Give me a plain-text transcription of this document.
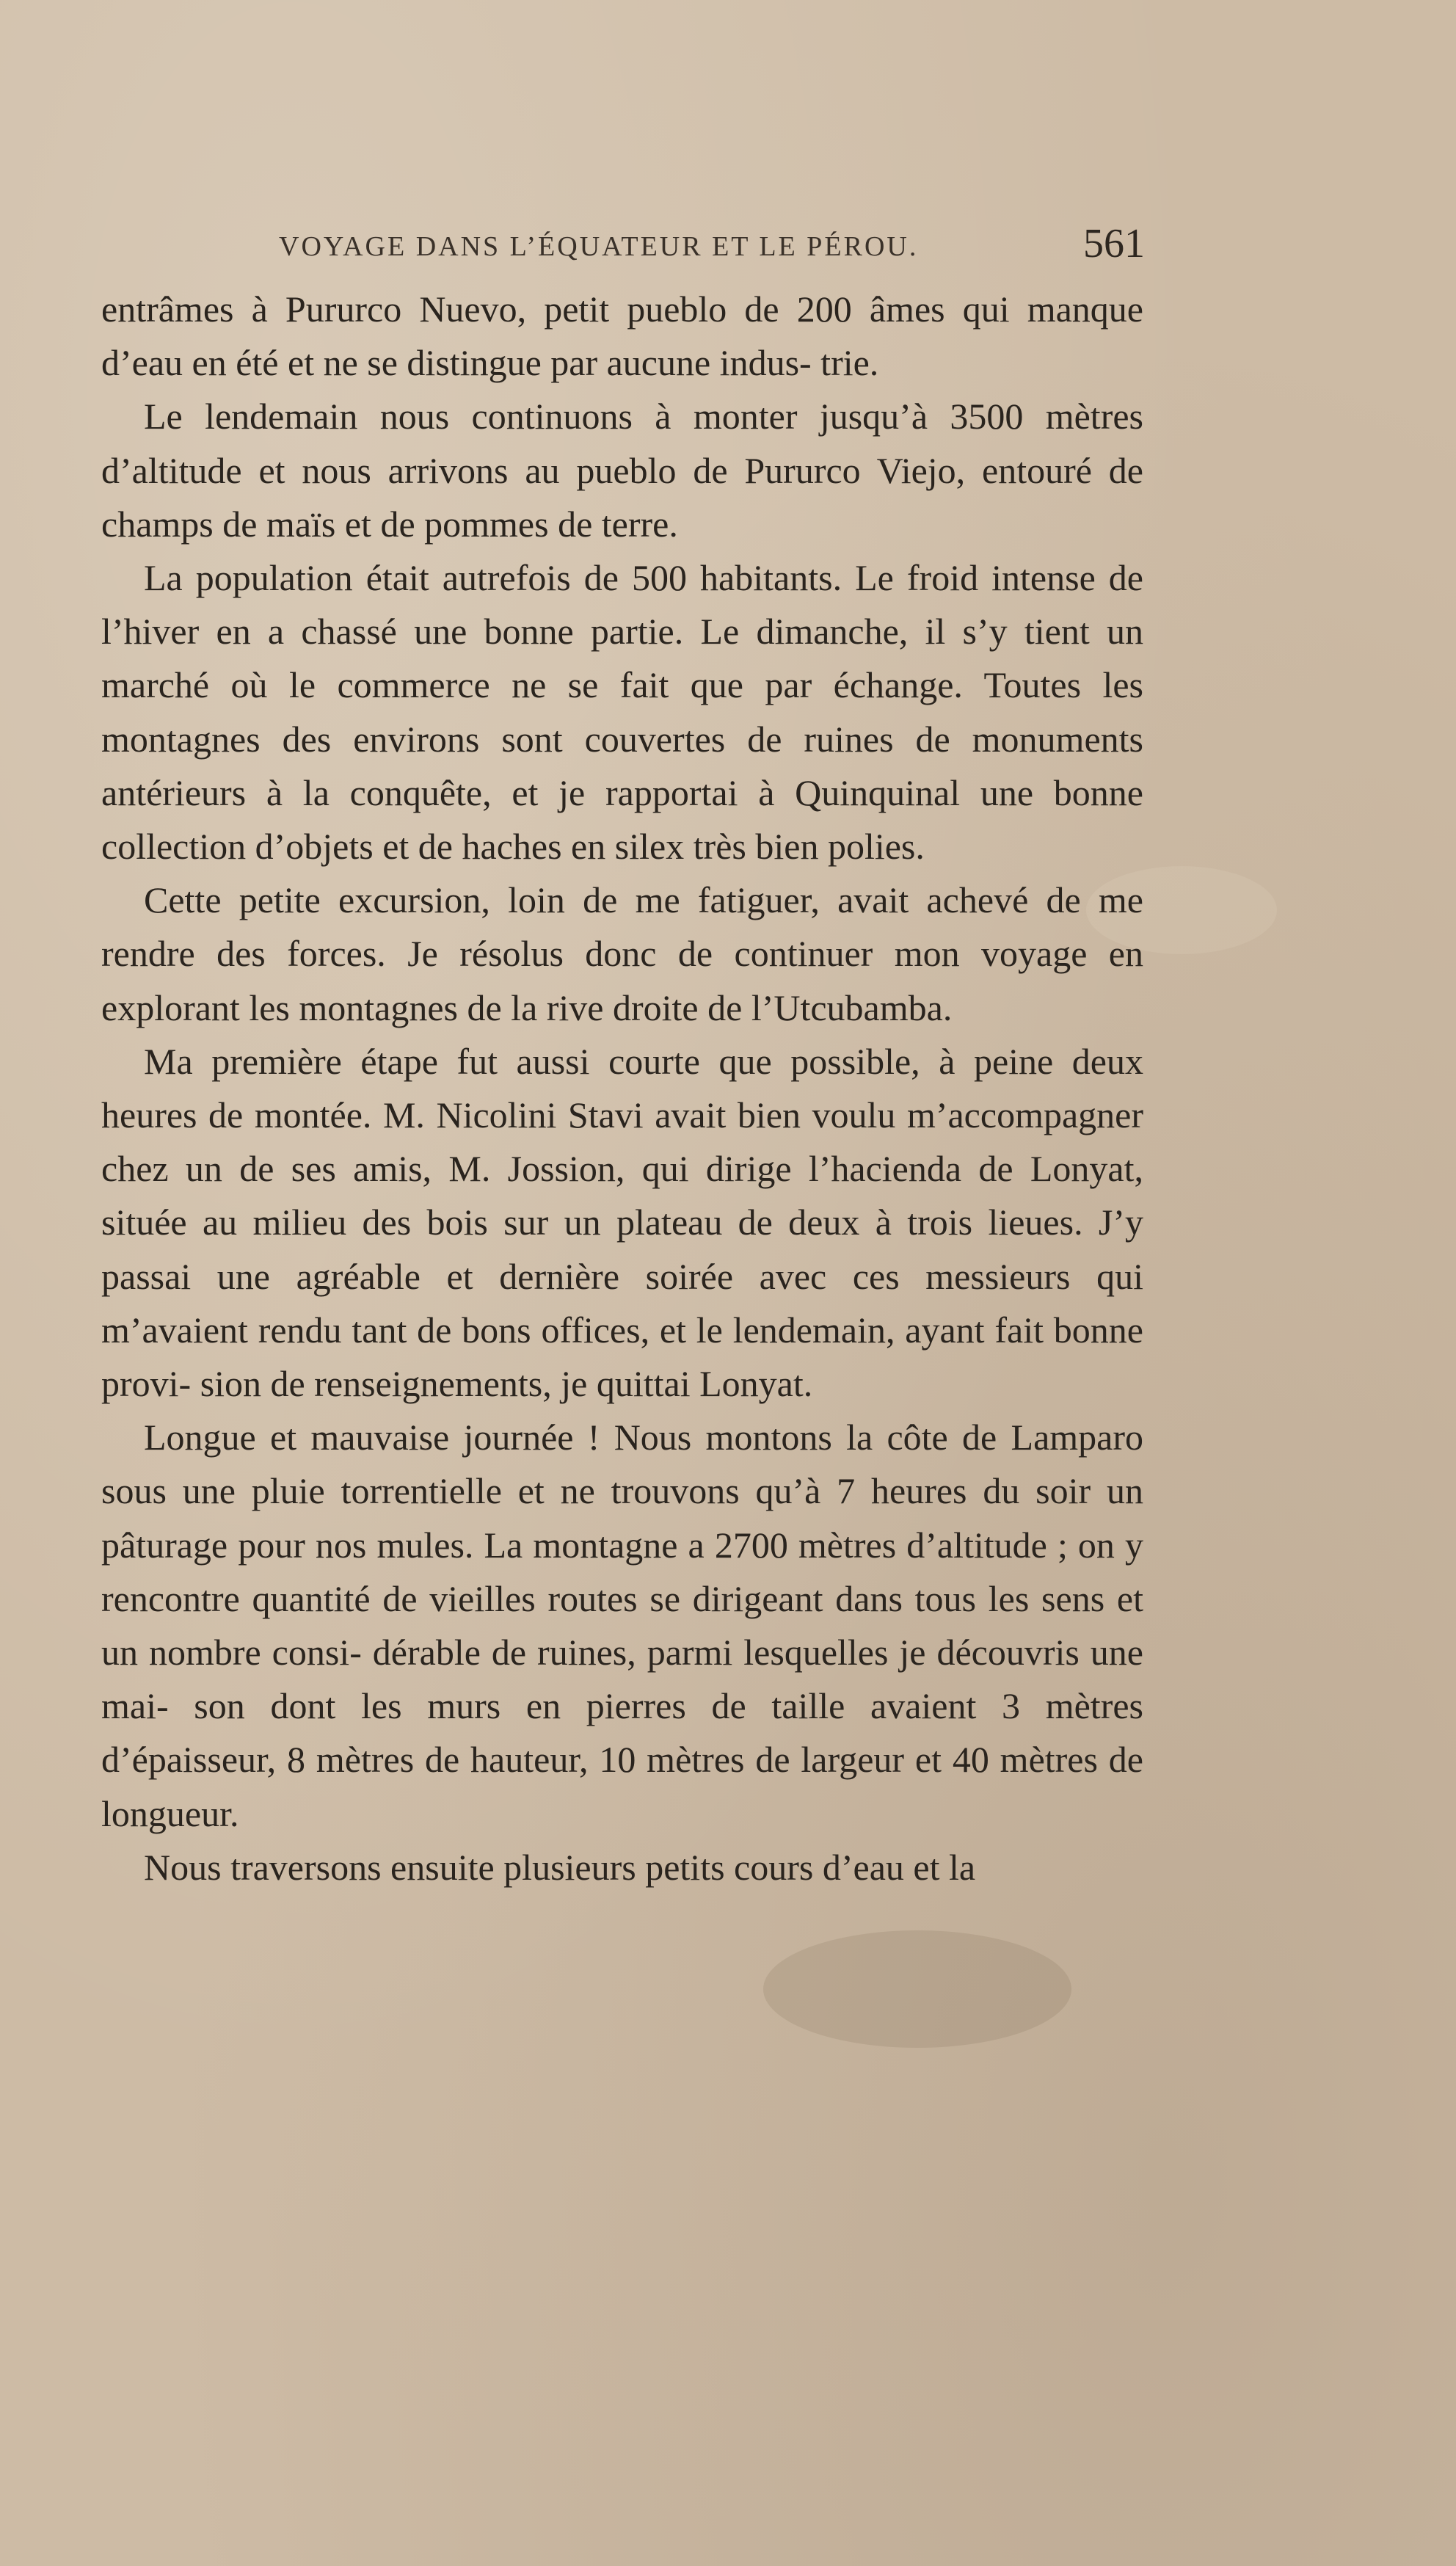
VOYAGE DANS L’ÉQUATEUR ET LE PÉROU.	561

entrâmes à Pururco Nuevo, petit pueblo de 200 âmes qui manque d’eau en été et ne se distingue par aucune indus- trie.

Le lendemain nous continuons à monter jusqu’à 3500 mètres d’altitude et nous arrivons au pueblo de Pururco Viejo, entouré de champs de maïs et de pommes de terre.

La population était autrefois de 500 habitants. Le froid intense de l’hiver en a chassé une bonne partie. Le dimanche, il s’y tient un marché où le commerce ne se fait que par échange. Toutes les montagnes des environs sont couvertes de ruines de monuments antérieurs à la conquête, et je rapportai à Quinquinal une bonne collection d’objets et de haches en silex très bien polies.

Cette petite excursion, loin de me fatiguer, avait achevé de me rendre des forces. Je résolus donc de continuer mon voyage en explorant les montagnes de la rive droite de l’Utcubamba.

Ma première étape fut aussi courte que possible, à peine deux heures de montée. M. Nicolini Stavi avait bien voulu m’accompagner chez un de ses amis, M. Jossion, qui dirige l’hacienda de Lonyat, située au milieu des bois sur un plateau de deux à trois lieues. J’y passai une agréable et dernière soirée avec ces messieurs qui m’avaient rendu tant de bons offices, et le lendemain, ayant fait bonne provi- sion de renseignements, je quittai Lonyat.

Longue et mauvaise journée ! Nous montons la côte de Lamparo sous une pluie torrentielle et ne trouvons qu’à 7 heures du soir un pâturage pour nos mules. La montagne a 2700 mètres d’altitude ; on y rencontre quantité de vieilles routes se dirigeant dans tous les sens et un nombre consi- dérable de ruines, parmi lesquelles je découvris une mai- son dont les murs en pierres de taille avaient 3 mètres d’épaisseur, 8 mètres de hauteur, 10 mètres de largeur et 40 mètres de longueur.

Nous traversons ensuite plusieurs petits cours d’eau et la
